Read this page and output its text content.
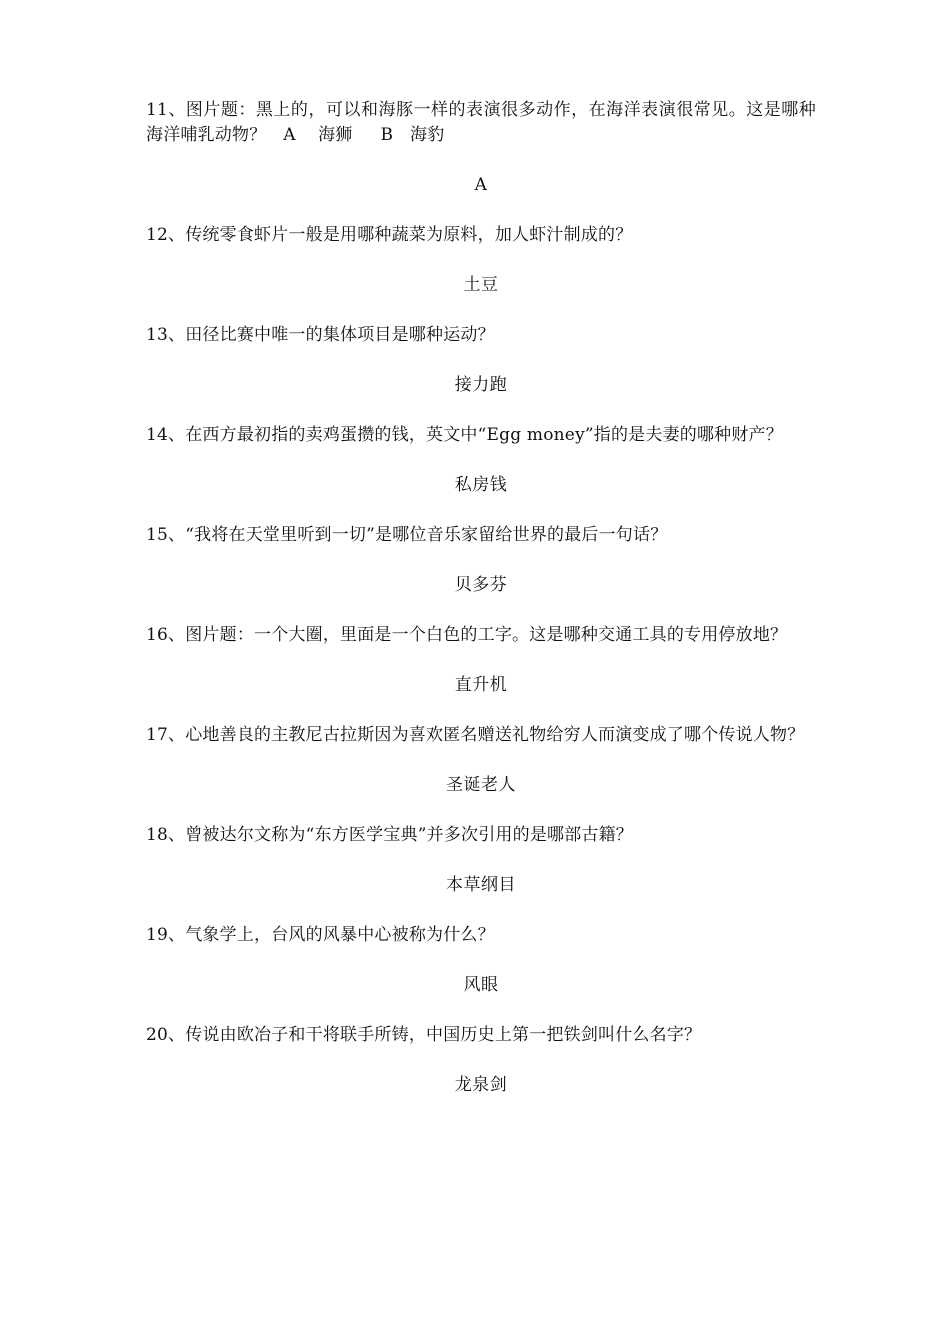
11、图片题：黑上的，可以和海豚一样的表演很多动作，在海洋表演很常见。这是哪种海洋哺乳动物？   A    海狮     B   海豹

A

12、传统零食虾片一般是用哪种蔬菜为原料，加人虾汁制成的？

土豆

13、田径比赛中唯一的集体项目是哪种运动？

接力跑

14、在西方最初指的卖鸡蛋攒的钱，英文中“Egg money”指的是夫妻的哪种财产？

私房钱

15、“我将在天堂里听到一切”是哪位音乐家留给世界的最后一句话？

贝多芬

16、图片题：一个大圈，里面是一个白色的工字。这是哪种交通工具的专用停放地？

直升机

17、心地善良的主教尼古拉斯因为喜欢匿名赠送礼物给穷人而演变成了哪个传说人物？

圣诞老人

18、曾被达尔文称为“东方医学宝典”并多次引用的是哪部古籍？

本草纲目

19、气象学上，台风的风暴中心被称为什么？

风眼

20、传说由欧冶子和干将联手所铸，中国历史上第一把铁剑叫什么名字？

龙泉剑
